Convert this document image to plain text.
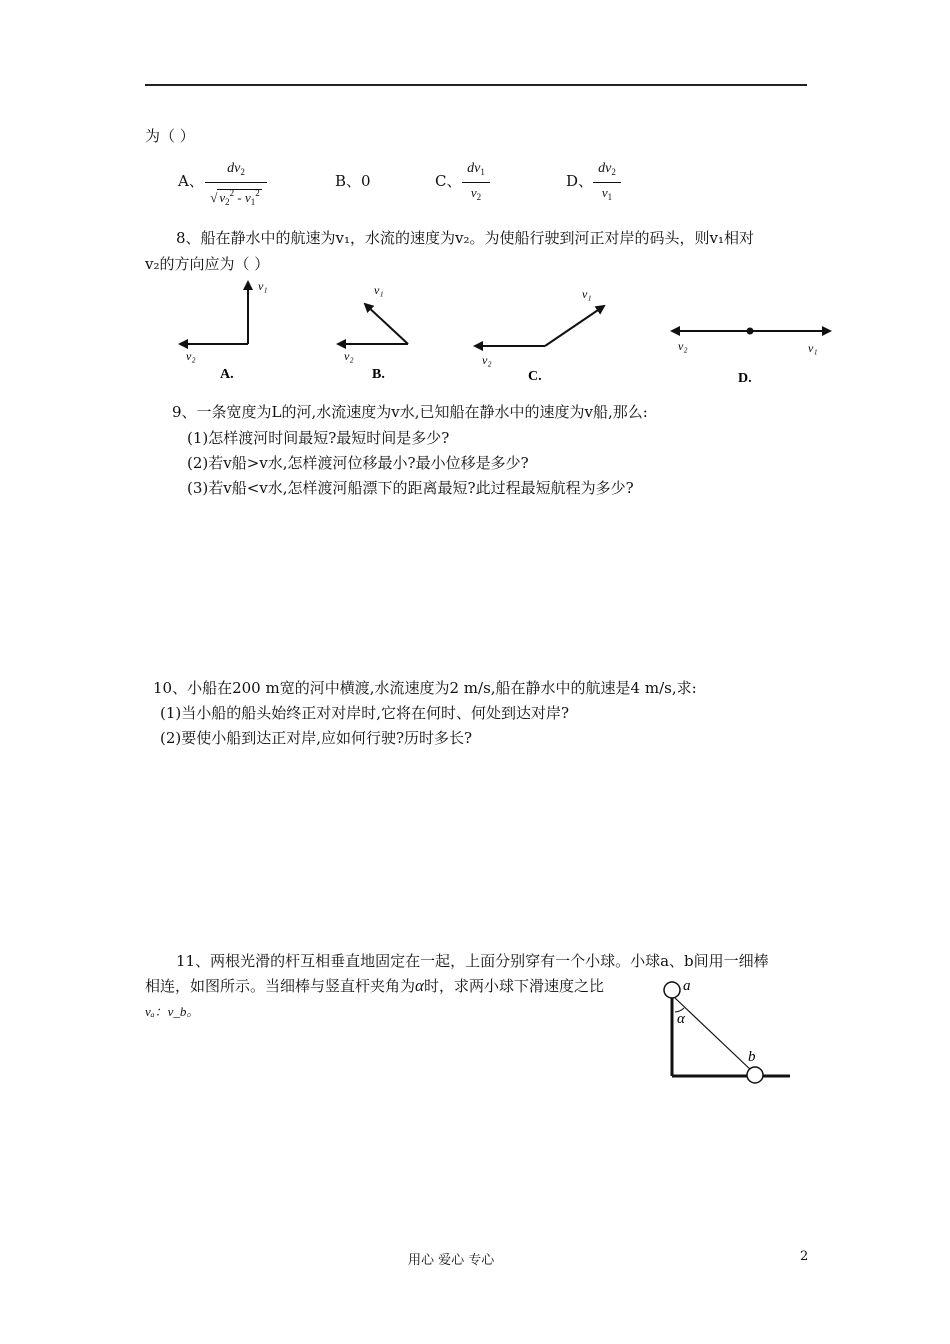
为（ ）
A、
$dv_2$
√ $v_2^2 - v_1^2$
B、0	C、
$dv_1$
$v_2$
D、
$dv_2$
$v_1$
8、船在静水中的航速为v₁，水流的速度为v₂。为使船行驶到河正对岸的码头，则v₁相对
v₂的方向应为（ ）
v₁
v₂
A.
v₁
v₂
B.
v₁
v₂
C.
v₂	v₁
D.
9、一条宽度为L的河,水流速度为v水,已知船在静水中的速度为v船,那么:
(1)怎样渡河时间最短?最短时间是多少?
(2)若v船>v水,怎样渡河位移最小?最小位移是多少?
(3)若v船<v水,怎样渡河船漂下的距离最短?此过程最短航程为多少?
10、小船在200 m宽的河中横渡,水流速度为2 m/s,船在静水中的航速是4 m/s,求:
(1)当小船的船头始终正对对岸时,它将在何时、何处到达对岸?
(2)要使小船到达正对岸,应如何行驶?历时多长?
11、两根光滑的杆互相垂直地固定在一起，上面分别穿有一个小球。小球a、b间用一细棒
相连，如图所示。当细棒与竖直杆夹角为α时，求两小球下滑速度之比
vₐ：v_b。
a
α
b
用心 爱心 专心	2
